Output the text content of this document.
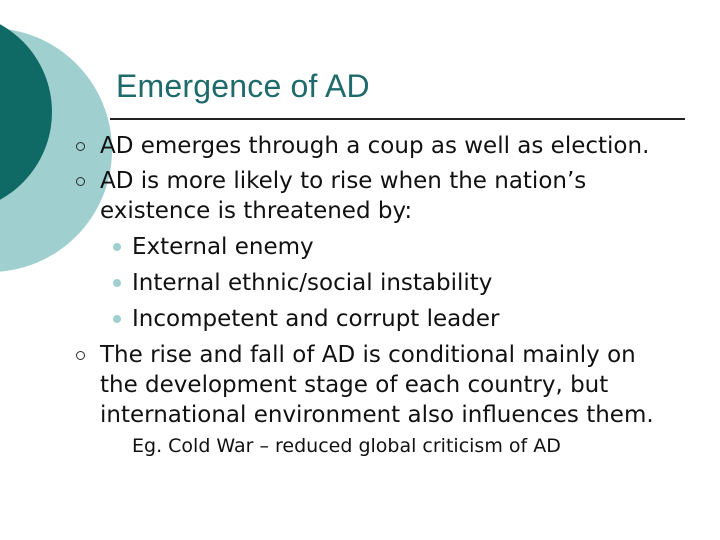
Emergence of AD
AD emerges through a coup as well as election.
AD is more likely to rise when the nation’s
existence is threatened by:
External enemy
Internal ethnic/social instability
Incompetent and corrupt leader
The rise and fall of AD is conditional mainly on
the development stage of each country, but
international environment also influences them.
Eg. Cold War – reduced global criticism of AD
